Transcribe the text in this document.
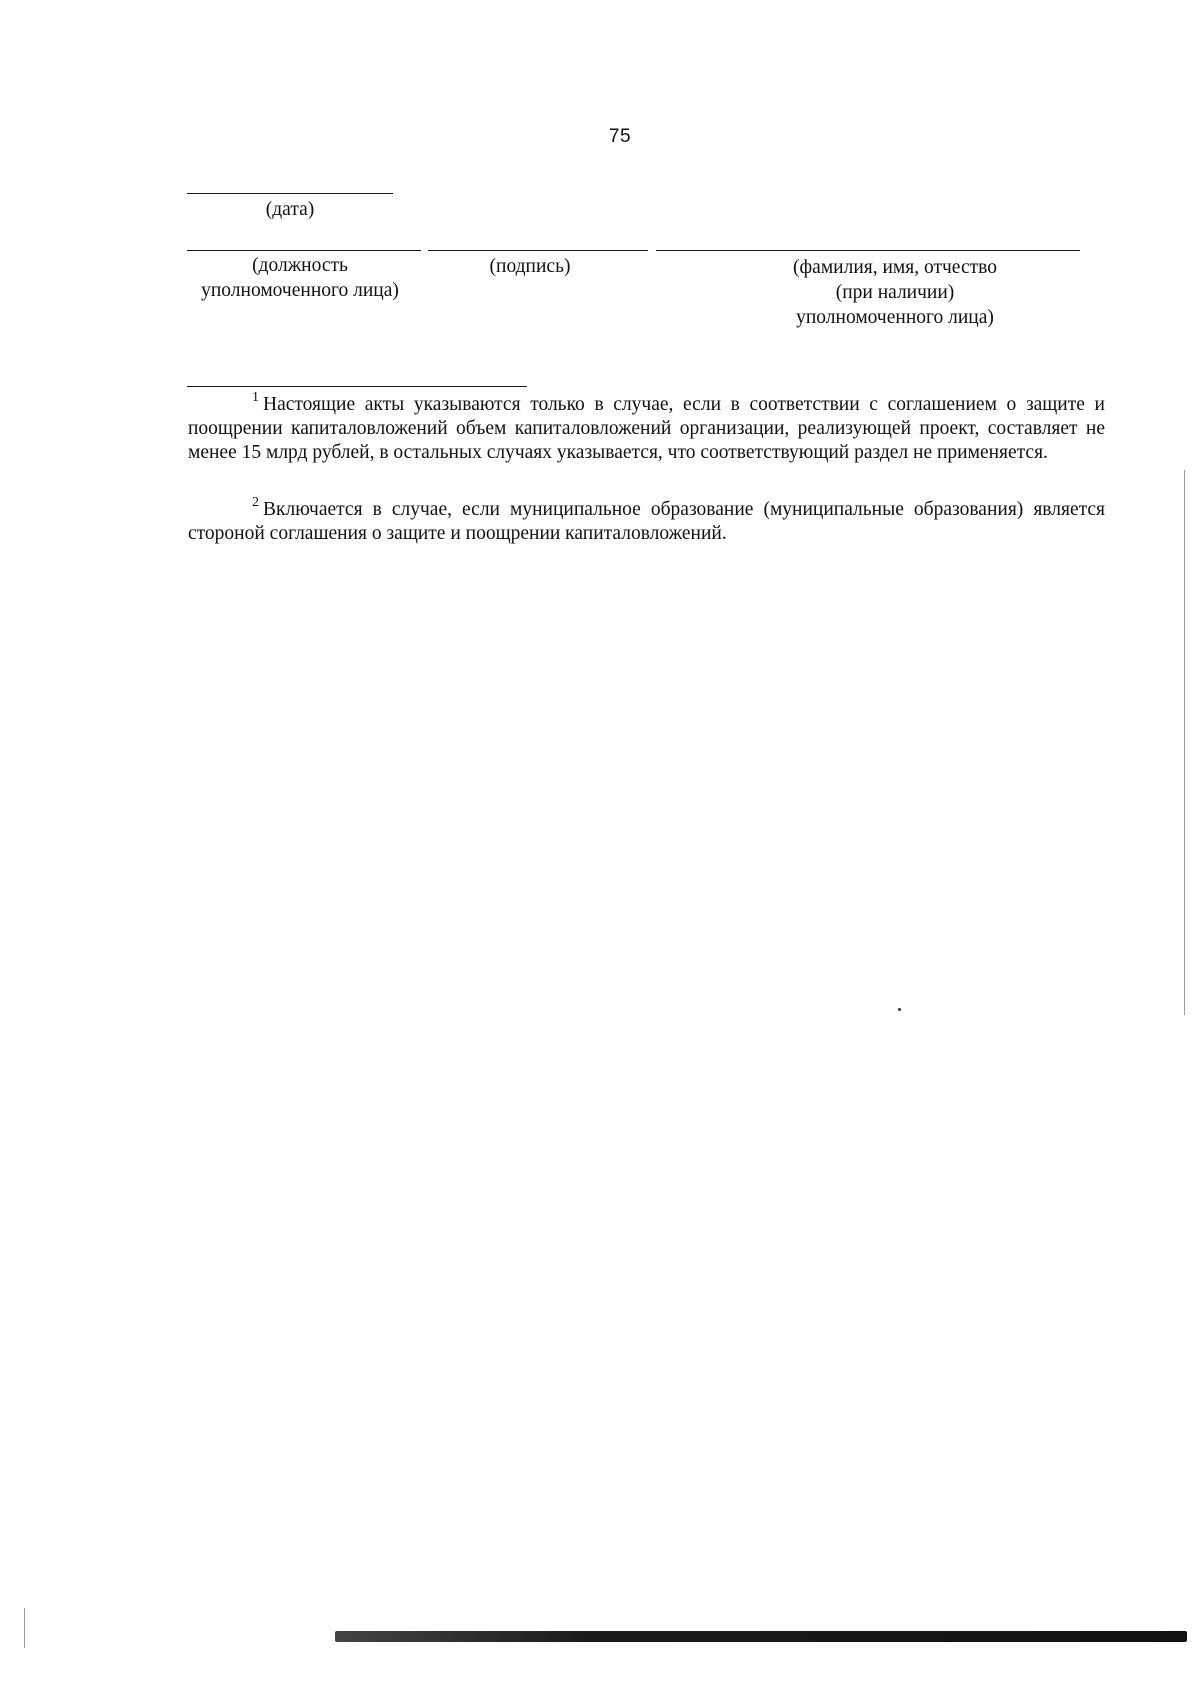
75
(дата)
(должность
уполномоченного лица)
(подпись)	(фамилия, имя, отчество
(при наличии)
уполномоченного лица)
$^1$ Настоящие акты указываются только в случае, если в соответствии с соглашением о защите и поощрении капиталовложений объем капиталовложений организации, реализующей проект, составляет не менее 15 млрд рублей, в остальных случаях указывается, что соответствующий раздел не применяется.
$^2$ Включается в случае, если муниципальное образование (муниципальные образования) является стороной соглашения о защите и поощрении капиталовложений.
